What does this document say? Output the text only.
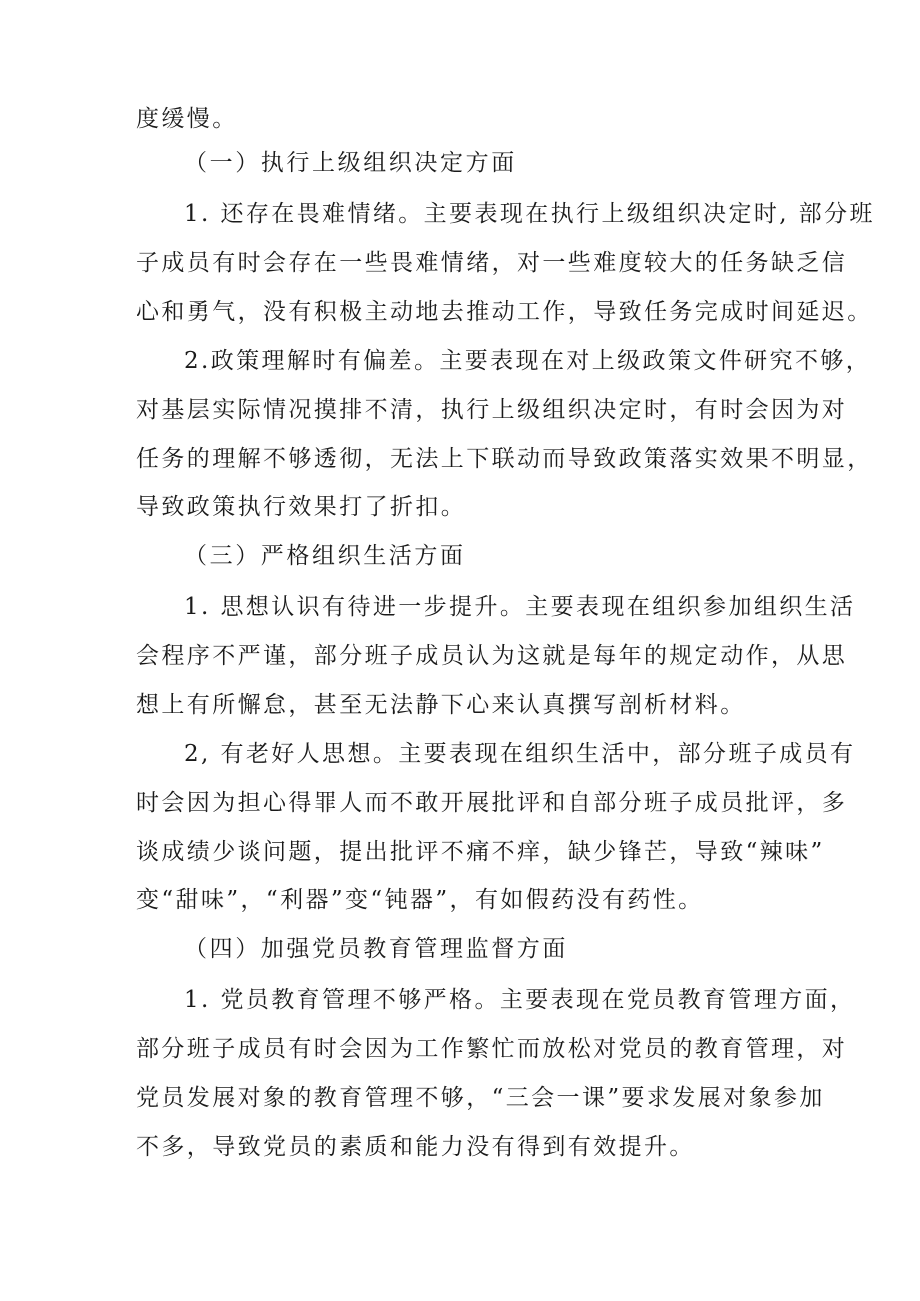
度缓慢。
（一）执行上级组织决定方面
1. 还存在畏难情绪。主要表现在执行上级组织决定时, 部分班
子成员有时会存在一些畏难情绪，对一些难度较大的任务缺乏信
心和勇气，没有积极主动地去推动工作，导致任务完成时间延迟。
2.政策理解时有偏差。主要表现在对上级政策文件研究不够，
对基层实际情况摸排不清，执行上级组织决定时，有时会因为对
任务的理解不够透彻，无法上下联动而导致政策落实效果不明显，
导致政策执行效果打了折扣。
（三）严格组织生活方面
1. 思想认识有待进一步提升。主要表现在组织参加组织生活
会程序不严谨，部分班子成员认为这就是每年的规定动作，从思
想上有所懈怠，甚至无法静下心来认真撰写剖析材料。
2, 有老好人思想。主要表现在组织生活中，部分班子成员有
时会因为担心得罪人而不敢开展批评和自部分班子成员批评，多
谈成绩少谈问题，提出批评不痛不痒，缺少锋芒，导致“辣味”
变“甜味”，“利器”变“钝器”，有如假药没有药性。
（四）加强党员教育管理监督方面
1. 党员教育管理不够严格。主要表现在党员教育管理方面，
部分班子成员有时会因为工作繁忙而放松对党员的教育管理，对
党员发展对象的教育管理不够，“三会一课”要求发展对象参加
不多，导致党员的素质和能力没有得到有效提升。
